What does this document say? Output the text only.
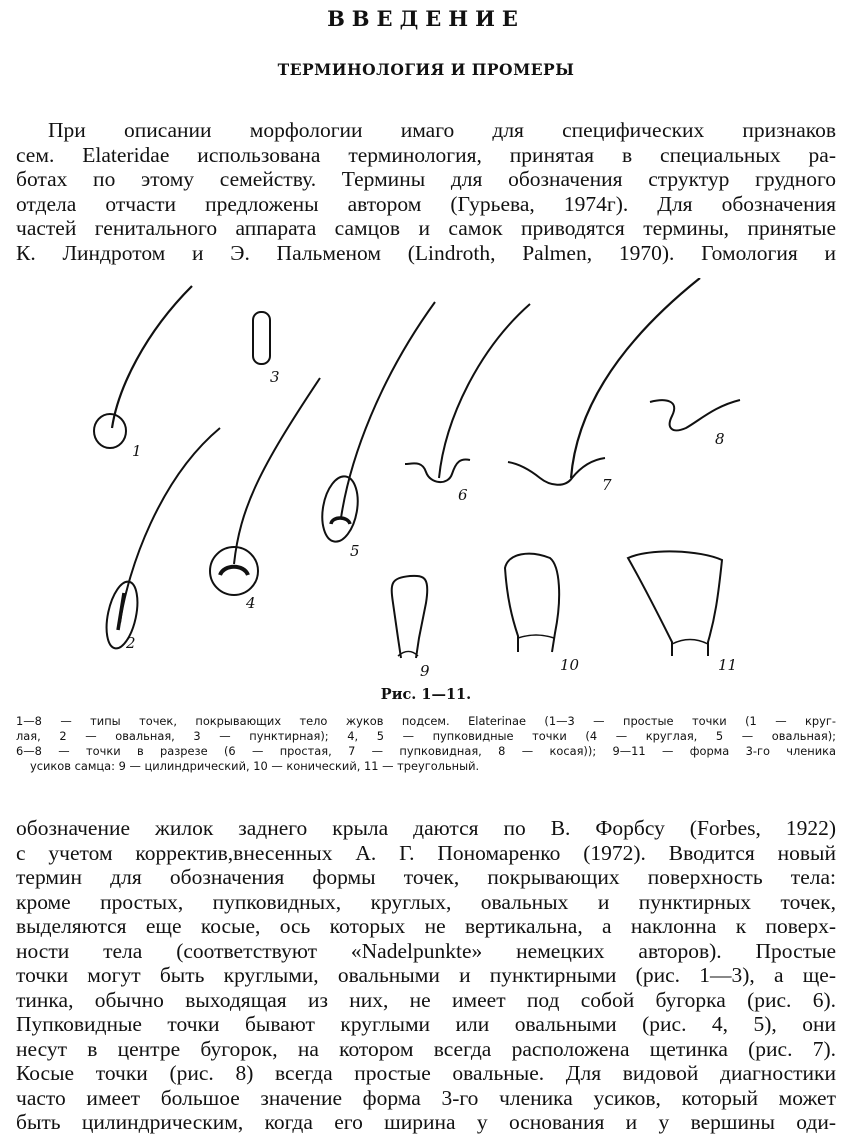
ВВЕДЕНИЕ
ТЕРМИНОЛОГИЯ И ПРОМЕРЫ
При описании морфологии имаго для специфических признаков
сем. Elateridae использована терминология, принятая в специальных ра-
ботах по этому семейству. Термины для обозначения структур грудного
отдела отчасти предложены автором (Гурьева, 1974г). Для обозначения
частей генитального аппарата самцов и самок приводятся термины, принятые
К. Линдротом и Э. Пальменом (Lindroth, Palmen, 1970). Гомология и
1
2
3
4
5
6
7
8
9	10	11
Рис. 1—11.
1—8 — типы точек, покрывающих тело жуков подсем. Elaterinae (1—3 — простые точки (1 — круг-
лая, 2 — овальная, 3 — пунктирная); 4, 5 — пупковидные точки (4 — круглая, 5 — овальная);
6—8 — точки в разрезе (6 — простая, 7 — пупковидная, 8 — косая)); 9—11 — форма 3-го членика
усиков самца: 9 — цилиндрический, 10 — конический, 11 — треугольный.
обозначение жилок заднего крыла даются по В. Форбсу (Forbes, 1922)
с учетом корректив,внесенных А. Г. Пономаренко (1972). Вводится новый
термин для обозначения формы точек, покрывающих поверхность тела:
кроме простых, пупковидных, круглых, овальных и пунктирных точек,
выделяются еще косые, ось которых не вертикальна, а наклонна к поверх-
ности тела (соответствуют «Nadelpunkte» немецких авторов). Простые
точки могут быть круглыми, овальными и пунктирными (рис. 1—3), а ще-
тинка, обычно выходящая из них, не имеет под собой бугорка (рис. 6).
Пупковидные точки бывают круглыми или овальными (рис. 4, 5), они
несут в центре бугорок, на котором всегда расположена щетинка (рис. 7).
Косые точки (рис. 8) всегда простые овальные. Для видовой диагностики
часто имеет большое значение форма 3-го членика усиков, который может
быть цилиндрическим, когда его ширина у основания и у вершины оди-
